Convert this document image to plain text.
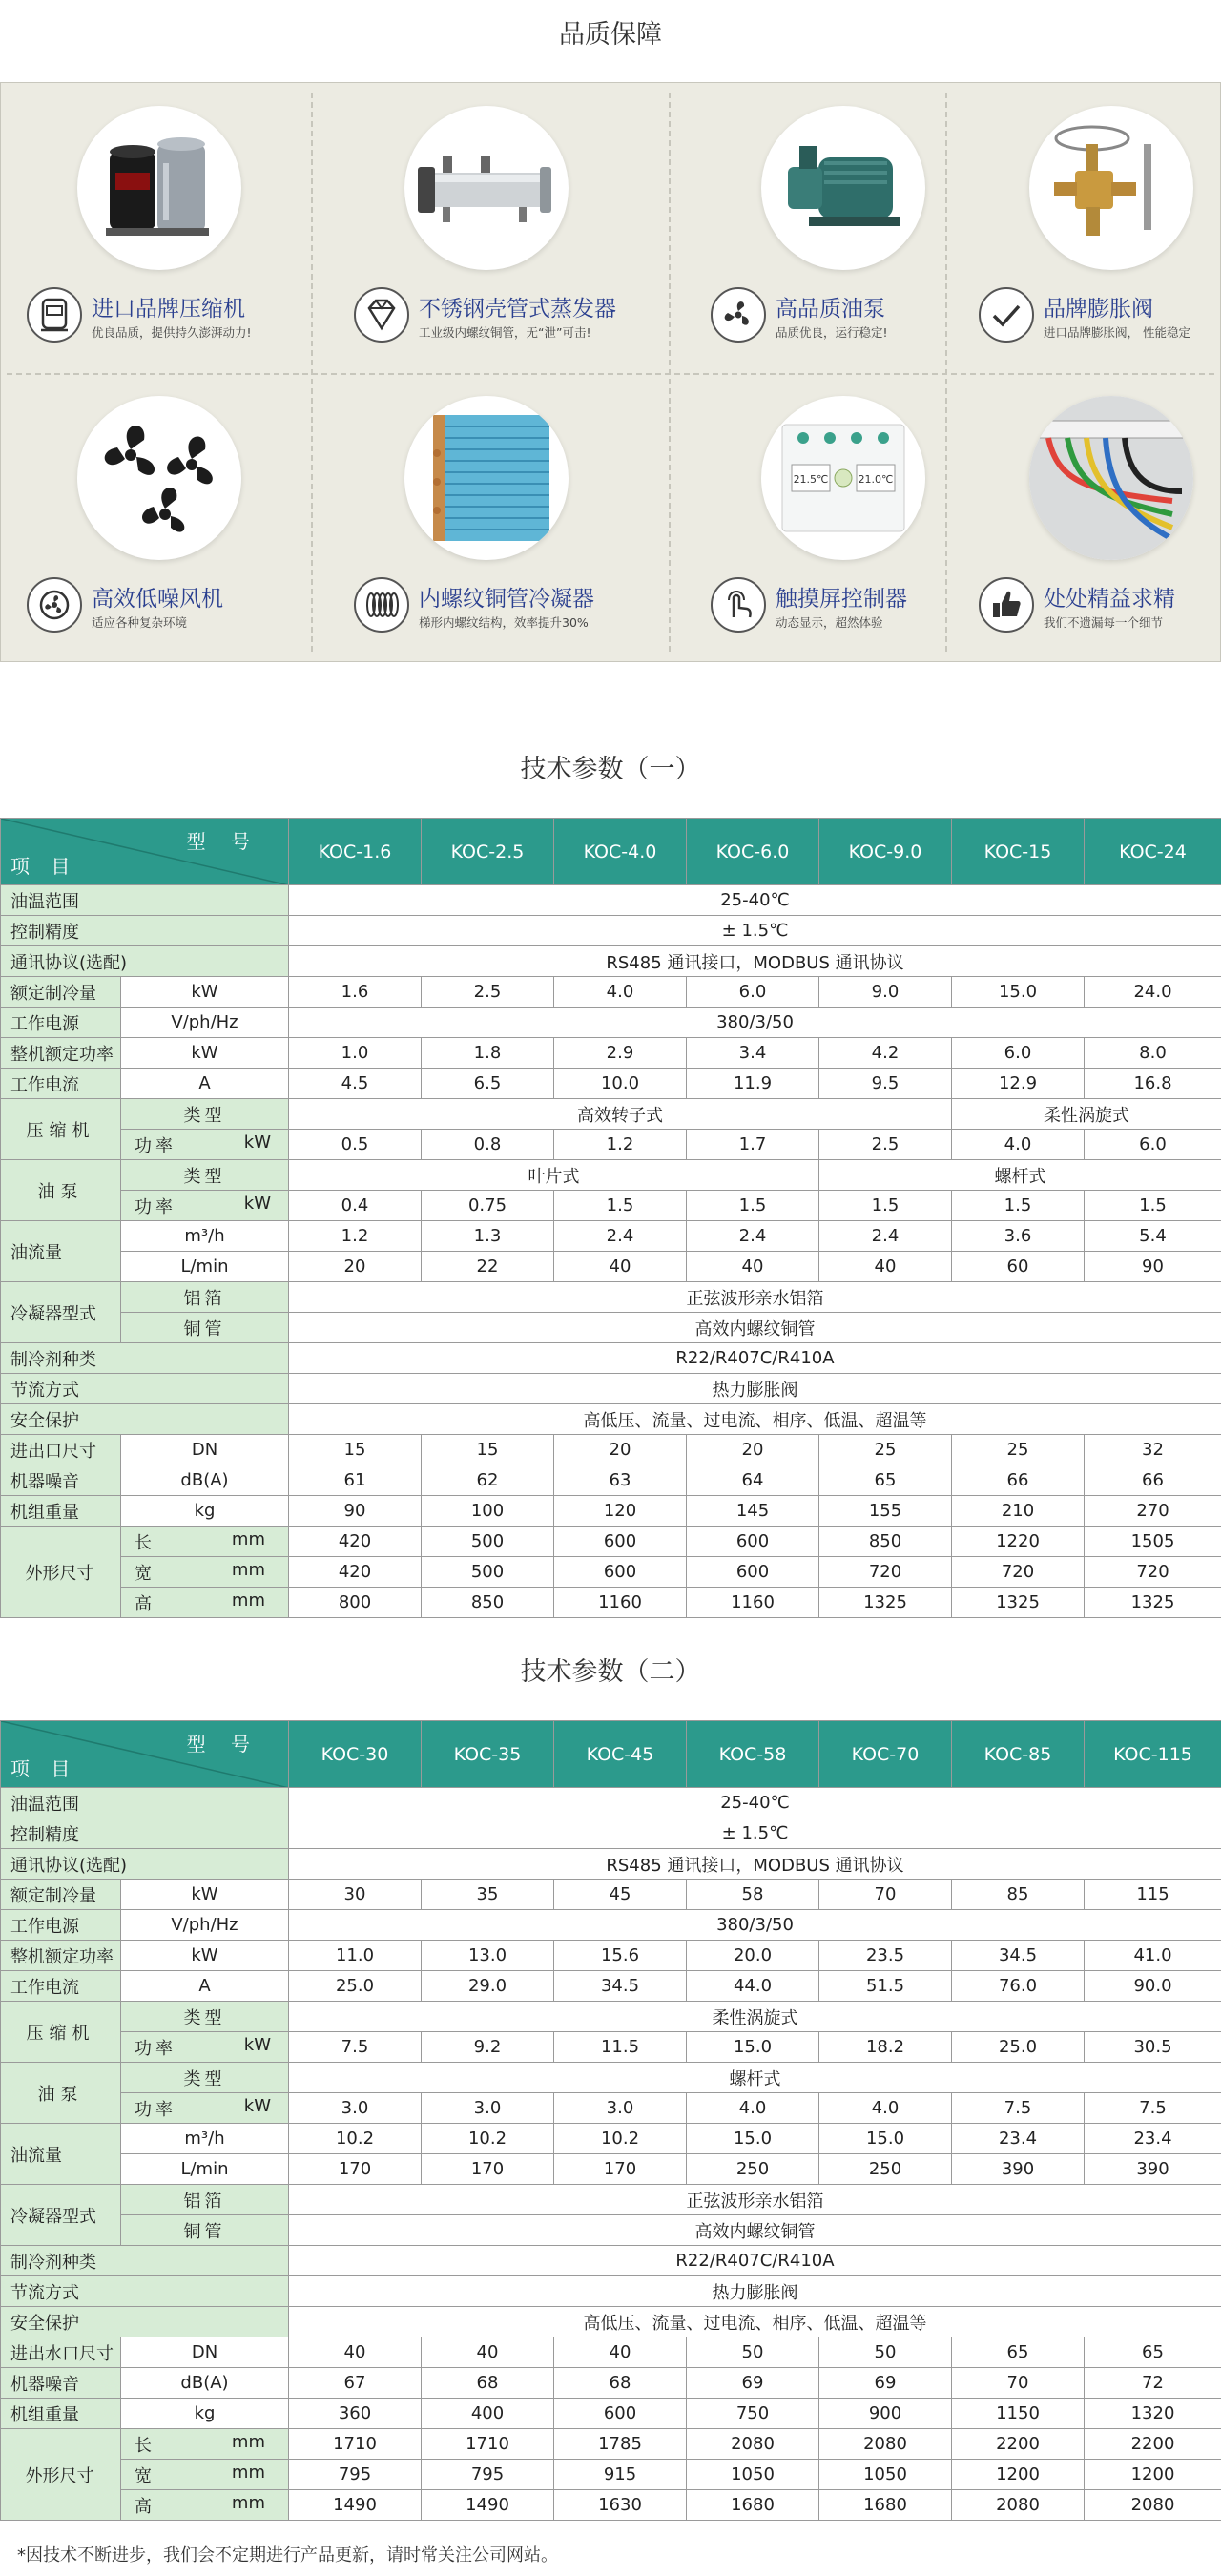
品质保障
进口品牌压缩机
优良品质，提供持久澎湃动力!
不锈钢壳管式蒸发器
工业级内螺纹铜管，无“泄”可击!
高品质油泵
品质优良，运行稳定!
品牌膨胀阀
进口品牌膨胀阀， 性能稳定
高效低噪风机
适应各种复杂环境
内螺纹铜管冷凝器
梯形内螺纹结构，效率提升30%
21.5℃	21.0℃
触摸屏控制器
动态显示，超然体验
处处精益求精
我们不遗漏每一个细节
技术参数（一）
型 号
项 目		KOC-1.6	KOC-2.5	KOC-4.0	KOC-6.0	KOC-9.0	KOC-15	KOC-24
油温范围		25-40℃						
控制精度		± 1.5℃						
通讯协议(选配)		RS485 通讯接口，MODBUS 通讯协议						
额定制冷量	kW	1.6	2.5	4.0	6.0	9.0	15.0	24.0
工作电源	V/ph/Hz	380/3/50						
整机额定功率	kW	1.0	1.8	2.9	3.4	4.2	6.0	8.0
工作电流	A	4.5	6.5	10.0	11.9	9.5	12.9	16.8
压缩机	类型	高效转子式					柔性涡旋式	
	功率 kW	0.5	0.8	1.2	1.7	2.5	4.0	6.0
油泵	类型	叶片式				螺杆式		
	功率 kW	0.4	0.75	1.5	1.5	1.5	1.5	1.5
油流量	m³/h	1.2	1.3	2.4	2.4	2.4	3.6	5.4
	L/min	20	22	40	40	40	60	90
冷凝器型式	铝箔	正弦波形亲水铝箔						
	铜管	高效内螺纹铜管						
制冷剂种类		R22/R407C/R410A						
节流方式		热力膨胀阀						
安全保护		高低压、流量、过电流、相序、低温、超温等						
进出口尺寸	DN	15	15	20	20	25	25	32
机器噪音	dB(A)	61	62	63	64	65	66	66
机组重量	kg	90	100	120	145	155	210	270
外形尺寸	长 mm	420	500	600	600	850	1220	1505
	宽 mm	420	500	600	600	720	720	720
	高 mm	800	850	1160	1160	1325	1325	1325
技术参数（二）
型 号
项 目		KOC-30	KOC-35	KOC-45	KOC-58	KOC-70	KOC-85	KOC-115
油温范围		25-40℃						
控制精度		± 1.5℃						
通讯协议(选配)		RS485 通讯接口，MODBUS 通讯协议						
额定制冷量	kW	30	35	45	58	70	85	115
工作电源	V/ph/Hz	380/3/50						
整机额定功率	kW	11.0	13.0	15.6	20.0	23.5	34.5	41.0
工作电流	A	25.0	29.0	34.5	44.0	51.5	76.0	90.0
压缩机	类型	柔性涡旋式						
	功率 kW	7.5	9.2	11.5	15.0	18.2	25.0	30.5
油泵	类型	螺杆式						
	功率 kW	3.0	3.0	3.0	4.0	4.0	7.5	7.5
油流量	m³/h	10.2	10.2	10.2	15.0	15.0	23.4	23.4
	L/min	170	170	170	250	250	390	390
冷凝器型式	铝箔	正弦波形亲水铝箔						
	铜管	高效内螺纹铜管						
制冷剂种类		R22/R407C/R410A						
节流方式		热力膨胀阀						
安全保护		高低压、流量、过电流、相序、低温、超温等						
进出水口尺寸	DN	40	40	40	50	50	65	65
机器噪音	dB(A)	67	68	68	69	69	70	72
机组重量	kg	360	400	600	750	900	1150	1320
外形尺寸	长 mm	1710	1710	1785	2080	2080	2200	2200
	宽 mm	795	795	915	1050	1050	1200	1200
	高 mm	1490	1490	1630	1680	1680	2080	2080
*因技术不断进步，我们会不定期进行产品更新，请时常关注公司网站。
